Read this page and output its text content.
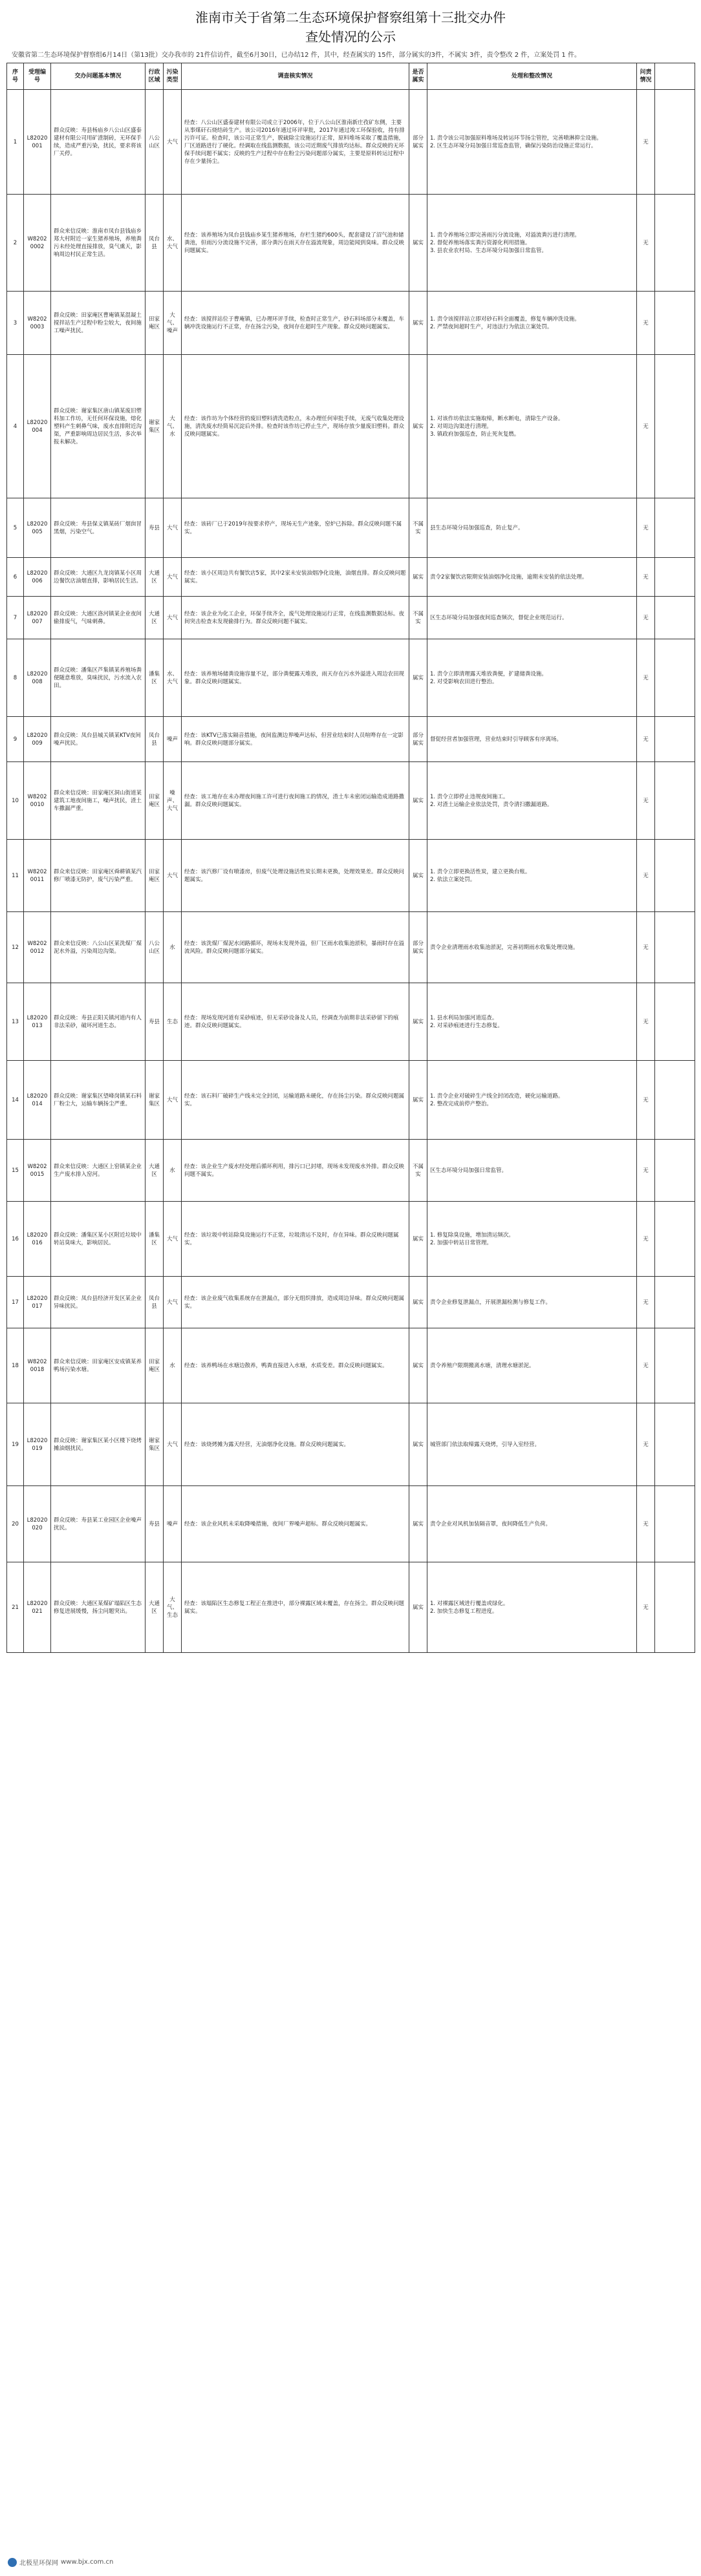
淮南市关于省第二生态环境保护督察组第十三批交办件
查处情况的公示
安徽省第二生态环境保护督察组6月14日（第13批）交办我市的 21件信访件，截至6月30日，已办结12 件，其中，经查属实的 15件，部分属实的3件，不属实 3件，责令整改 2 件，立案处罚 1 件。
序号	受理编号	交办问题基本情况	行政区域	污染类型	调查核实情况	是否属实	处理和整改情况	问责情况	
1	L82020001	群众反映：寿县杨庙乡八公山区盛泰建材有限公司用矿渣制砖，无环保手续，造成严重污染，扰民，要求将该厂关停。	八公山区	大气	经查：八公山区盛泰建材有限公司成立于2006年，位于八公山区淮南新庄孜矿东侧，主要从事煤矸石烧结砖生产。该公司2016年通过环评审批，2017年通过竣工环保验收，持有排污许可证。检查时，该公司正常生产，脱硫除尘设施运行正常，原料堆场采取了覆盖措施，厂区道路进行了硬化。经调取在线监测数据，该公司近期废气排放均达标。群众反映的无环保手续问题不属实；反映的生产过程中存在粉尘污染问题部分属实，主要是原料转运过程中存在少量扬尘。	部分属实	1. 责令该公司加强原料堆场及转运环节扬尘管控，完善喷淋抑尘设施。
2. 区生态环境分局加强日常巡查监管，确保污染防治设施正常运行。	无	
2	W82020002	群众来信反映：淮南市凤台县钱庙乡郑大村附近一家生猪养殖场，养殖粪污未经处理直接排放，臭气熏天，影响周边村民正常生活。	凤台县	水、大气	经查：该养殖场为凤台县钱庙乡某生猪养殖场，存栏生猪约600头，配套建设了沼气池和储粪池，但雨污分流设施不完善，部分粪污在雨天存在溢流现象，周边能闻到臭味。群众反映问题属实。	属实	1. 责令养殖场立即完善雨污分流设施，对溢流粪污进行清理。
2. 督促养殖场落实粪污资源化利用措施。
3. 县农业农村局、生态环境分局加强日常监管。	无	
3	W82020003	群众反映：田家庵区曹庵镇某混凝土搅拌站生产过程中粉尘较大，夜间施工噪声扰民。	田家庵区	大气、噪声	经查：该搅拌站位于曹庵镇，已办理环评手续，检查时正常生产，砂石料场部分未覆盖，车辆冲洗设施运行不正常，存在扬尘污染，夜间存在超时生产现象。群众反映问题属实。	属实	1. 责令该搅拌站立即对砂石料全面覆盖，修复车辆冲洗设施。
2. 严禁夜间超时生产，对违法行为依法立案处罚。	无	
4	L82020004	群众反映：谢家集区唐山镇某废旧塑料加工作坊，无任何环保设施，熔化塑料产生刺鼻气味，废水直排附近沟渠，严重影响周边居民生活，多次举报未解决。	谢家集区	大气、水	经查：该作坊为个体经营的废旧塑料清洗造粒点，未办理任何审批手续，无废气收集处理设施，清洗废水经简易沉淀后外排。检查时该作坊已停止生产，现场存放少量废旧塑料。群众反映问题属实。	属实	1. 对该作坊依法实施取缔，断水断电，清除生产设备。
2. 对周边沟渠进行清理。
3. 镇政府加强巡查，防止死灰复燃。	无	
5	L82020005	群众反映：寿县保义镇某砖厂烟囱冒黑烟，污染空气。	寿县	大气	经查：该砖厂已于2019年按要求停产，现场无生产迹象，窑炉已拆除。群众反映问题不属实。	不属实	县生态环境分局加强巡查，防止复产。	无	
6	L82020006	群众反映：大通区九龙岗镇某小区周边餐饮店油烟直排，影响居民生活。	大通区	大气	经查：该小区周边共有餐饮店5家，其中2家未安装油烟净化设施，油烟直排。群众反映问题属实。	属实	责令2家餐饮店限期安装油烟净化设施，逾期未安装的依法处理。	无	
7	L82020007	群众反映：大通区洛河镇某企业夜间偷排废气，气味刺鼻。	大通区	大气	经查：该企业为化工企业，环保手续齐全，废气处理设施运行正常，在线监测数据达标。夜间突击检查未发现偷排行为。群众反映问题不属实。	不属实	区生态环境分局加强夜间巡查频次，督促企业规范运行。	无	
8	L82020008	群众反映：潘集区芦集镇某养殖场粪便随意堆放，臭味扰民，污水流入农田。	潘集区	水、大气	经查：该养殖场储粪设施容量不足，部分粪便露天堆放，雨天存在污水外溢进入周边农田现象。群众反映问题属实。	属实	1. 责令立即清理露天堆放粪便，扩建储粪设施。
2. 对受影响农田进行整治。	无	
9	L82020009	群众反映：凤台县城关镇某KTV夜间噪声扰民。	凤台县	噪声	经查：该KTV已落实隔音措施，夜间监测边界噪声达标，但营业结束时人员喧哗存在一定影响。群众反映问题部分属实。	部分属实	督促经营者加强管理，营业结束时引导顾客有序离场。	无	
10	W82020010	群众来信反映：田家庵区洞山街道某建筑工地夜间施工，噪声扰民，渣土车撒漏严重。	田家庵区	噪声、大气	经查：该工地存在未办理夜间施工许可进行夜间施工的情况，渣土车未密闭运输造成道路撒漏。群众反映问题属实。	属实	1. 责令立即停止违规夜间施工。
2. 对渣土运输企业依法处罚，责令清扫撒漏道路。	无	
11	W82020011	群众来信反映：田家庵区舜耕镇某汽修厂喷漆无防护，废气污染严重。	田家庵区	大气	经查：该汽修厂设有喷漆房，但废气处理设施活性炭长期未更换，处理效果差。群众反映问题属实。	属实	1. 责令立即更换活性炭，建立更换台账。
2. 依法立案处罚。	无	
12	W82020012	群众来信反映：八公山区某洗煤厂煤泥水外溢，污染周边沟渠。	八公山区	水	经查：该洗煤厂煤泥水闭路循环，现场未发现外溢，但厂区雨水收集池淤积，暴雨时存在溢流风险。群众反映问题部分属实。	部分属实	责令企业清理雨水收集池淤泥，完善初期雨水收集处理设施。	无	
13	L82020013	群众反映：寿县正阳关镇河道内有人非法采砂，破坏河道生态。	寿县	生态	经查：现场发现河道有采砂痕迹，但无采砂设备及人员，经调查为前期非法采砂留下的痕迹。群众反映问题属实。	属实	1. 县水利局加强河道巡查。
2. 对采砂痕迹进行生态修复。	无	
14	L82020014	群众反映：谢家集区望峰岗镇某石料厂粉尘大，运输车辆扬尘严重。	谢家集区	大气	经查：该石料厂破碎生产线未完全封闭，运输道路未硬化，存在扬尘污染。群众反映问题属实。	属实	1. 责令企业对破碎生产线全封闭改造，硬化运输道路。
2. 整改完成前停产整治。	无	
15	W82020015	群众来信反映：大通区上窑镇某企业生产废水排入窑河。	大通区	水	经查：该企业生产废水经处理后循环利用，排污口已封堵，现场未发现废水外排。群众反映问题不属实。	不属实	区生态环境分局加强日常监管。	无	
16	L82020016	群众反映：潘集区某小区附近垃圾中转站臭味大，影响居民。	潘集区	大气	经查：该垃圾中转站除臭设施运行不正常，垃圾清运不及时，存在异味。群众反映问题属实。	属实	1. 修复除臭设施，增加清运频次。
2. 加强中转站日常管理。	无	
17	L82020017	群众反映：凤台县经济开发区某企业异味扰民。	凤台县	大气	经查：该企业废气收集系统存在泄漏点，部分无组织排放，造成周边异味。群众反映问题属实。	属实	责令企业修复泄漏点，开展泄漏检测与修复工作。	无	
18	W82020018	群众来信反映：田家庵区安成镇某养鸭场污染水塘。	田家庵区	水	经查：该养鸭场在水塘边散养，鸭粪直接进入水塘，水质变差。群众反映问题属实。	属实	责令养殖户限期搬离水塘，清理水塘淤泥。	无	
19	L82020019	群众反映：谢家集区某小区楼下烧烤摊油烟扰民。	谢家集区	大气	经查：该烧烤摊为露天经营，无油烟净化设施。群众反映问题属实。	属实	城管部门依法取缔露天烧烤，引导入室经营。	无	
20	L82020020	群众反映：寿县某工业园区企业噪声扰民。	寿县	噪声	经查：该企业风机未采取降噪措施，夜间厂界噪声超标。群众反映问题属实。	属实	责令企业对风机加装隔音罩，夜间降低生产负荷。	无	
21	L82020021	群众反映：大通区某煤矿塌陷区生态修复进展缓慢，扬尘问题突出。	大通区	大气、生态	经查：该塌陷区生态修复工程正在推进中，部分裸露区域未覆盖，存在扬尘。群众反映问题属实。	属实	1. 对裸露区域进行覆盖或绿化。
2. 加快生态修复工程进度。	无	
北极星环保网 www.bjx.com.cn
